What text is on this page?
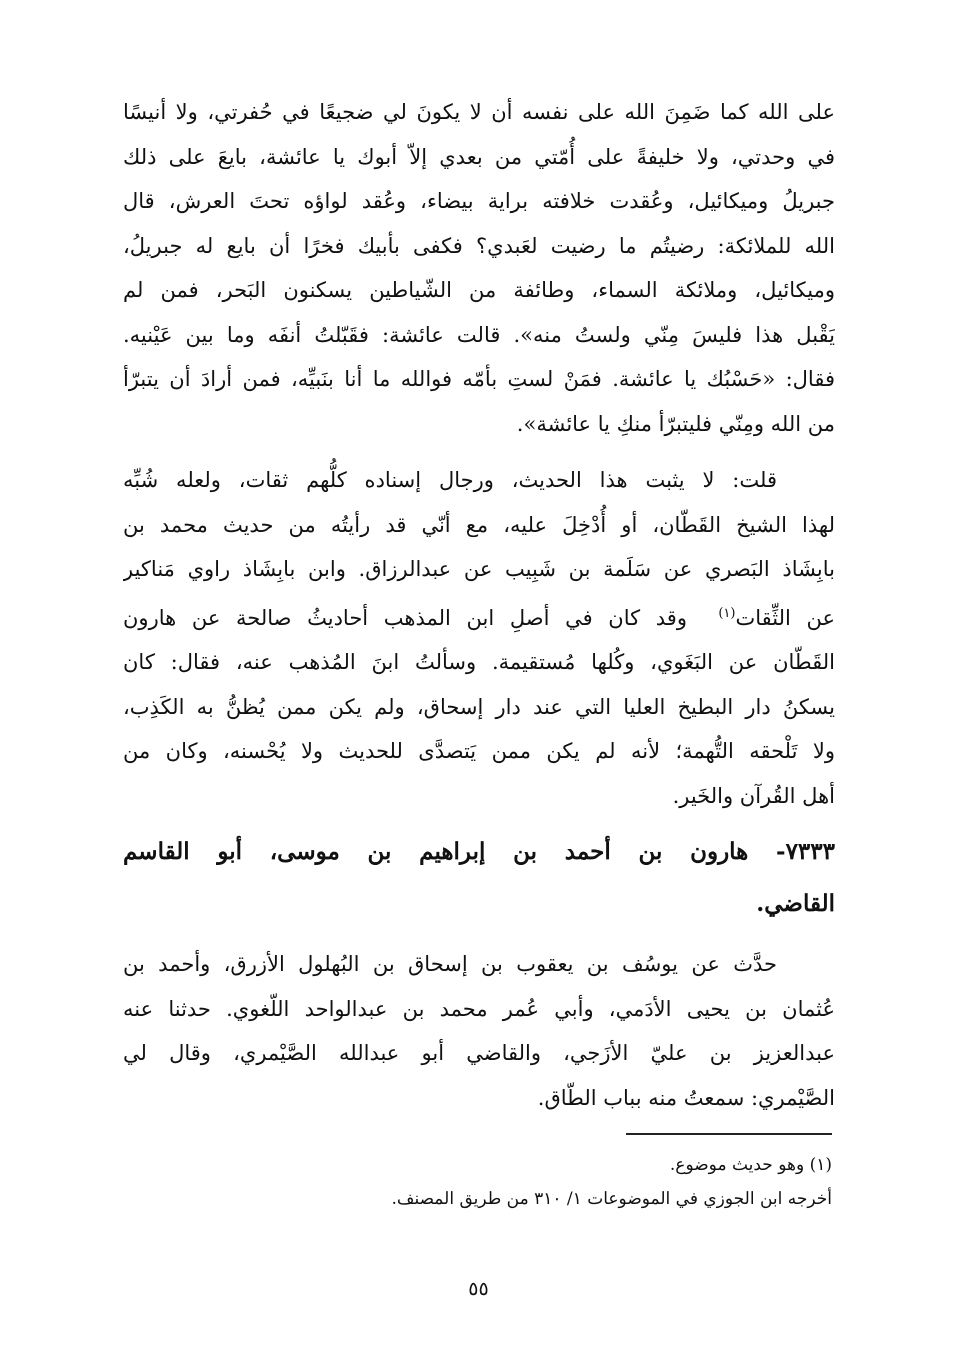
على الله كما ضَمِنَ الله على نفسه أن لا يكونَ لي ضجيعًا في حُفرتي، ولا أنيسًا
في وحدتي، ولا خليفةً على أُمّتي من بعدي إلاّ أبوك يا عائشة، بايعَ على ذلك
جبريلُ وميكائيل، وعُقدت خلافته براية بيضاء، وعُقد لواؤه تحتَ العرش، قال
الله للملائكة: رضيتُم ما رضيت لعَبدي؟ فكفى بأبيك فخرًا أن بايع له جبريلُ،
وميكائيل، وملائكة السماء، وطائفة من الشّياطين يسكنون البَحر، فمن لم
يَقْبل هذا فليسَ مِنّي ولستُ منه». قالت عائشة: فقَبّلتُ أنفَه وما بين عَيْنيه.
فقال: «حَسْبُك يا عائشة. فمَنْ لستِ بأمّه فوالله ما أنا بنَبيِّه، فمن أرادَ أن يتبرّأ
من الله ومِنّي فليتبرّأ منكِ يا عائشة».
قلت: لا يثبت هذا الحديث، ورجال إسناده كلُّهم ثقات، ولعله شُبِّه
لهذا الشيخ القَطّان، أو أُدْخِلَ عليه، مع أنّي قد رأيتُه من حديث محمد بن
بابِشَاذ البَصري عن سَلَمة بن شَبِيب عن عبدالرزاق. وابن بابِشَاذ راوي مَناكير
عن الثِّقات$^{(١)}$  وقد كان في أصلِ ابن المذهب أحاديثُ صالحة عن هارون
القَطّان عن البَغَوي، وكُلها مُستقيمة. وسألتُ ابنَ المُذهب عنه، فقال: كان
يسكنُ دار البطيخ العليا التي عند دار إسحاق، ولم يكن ممن يُظنُّ به الكَذِب،
ولا تَلْحقه التُّهمة؛ لأنه لم يكن ممن يَتصدَّى للحديث ولا يُحْسنه، وكان من
أهل القُرآن والخَير.
٧٣٣٣- هارون بن أحمد بن إبراهيم بن موسى، أبو القاسم
القاضي.
حدَّث عن يوسُف بن يعقوب بن إسحاق بن البُهلول الأزرق، وأحمد بن
عُثمان بن يحيى الأدَمي، وأبي عُمر محمد بن عبدالواحد اللّغوي. حدثنا عنه
عبدالعزيز بن عليّ الأزَجي، والقاضي أبو عبدالله الصَّيْمري، وقال لي
الصَّيْمري: سمعتُ منه بباب الطّاق.
(١) وهو حديث موضوع.
أخرجه ابن الجوزي في الموضوعات ١/ ٣١٠ من طريق المصنف.
٥٥
